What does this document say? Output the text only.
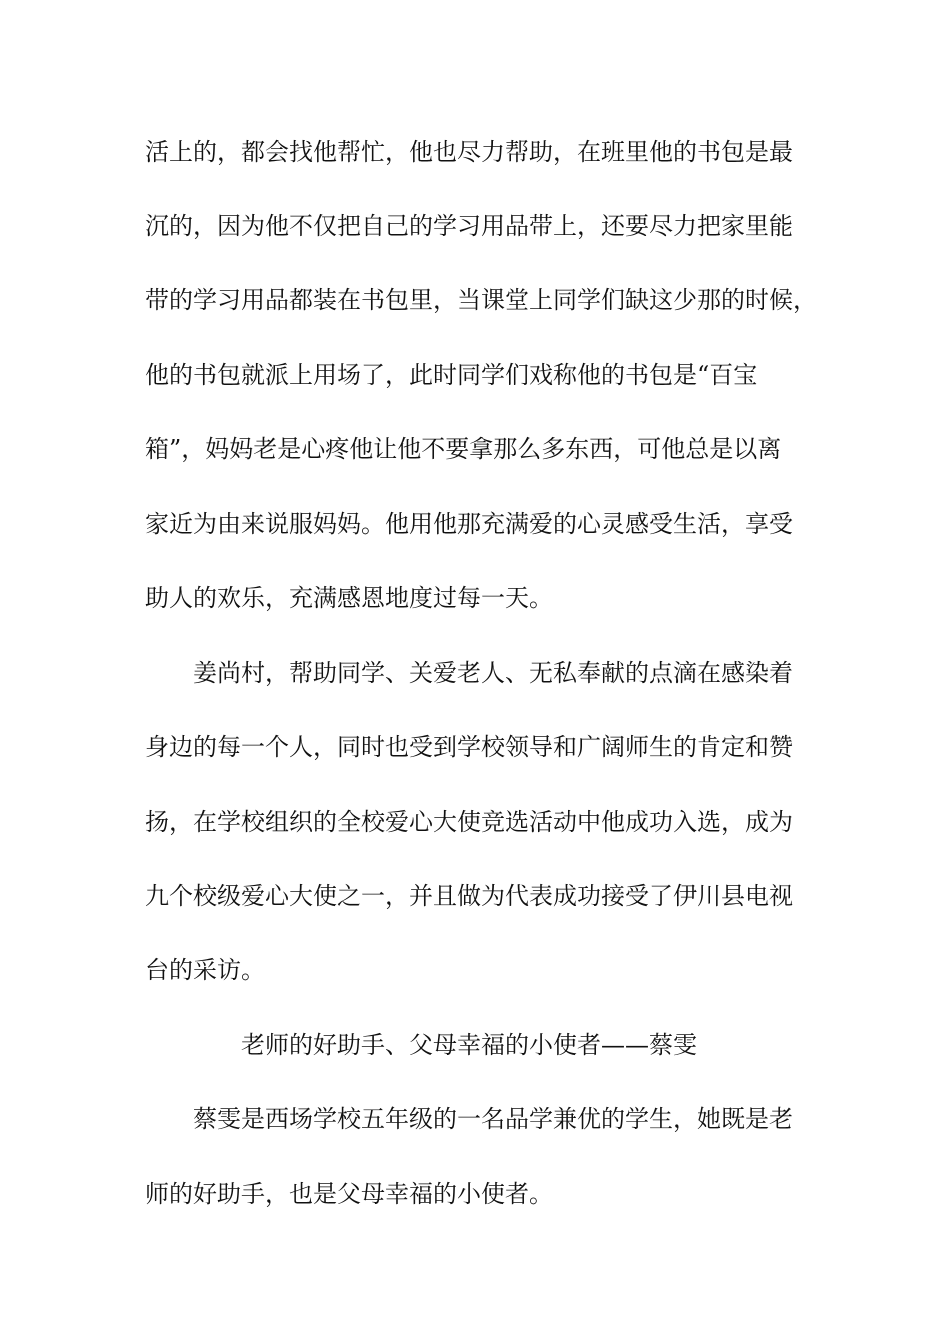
活上的，都会找他帮忙，他也尽力帮助，在班里他的书包是最
沉的，因为他不仅把自己的学习用品带上，还要尽力把家里能
带的学习用品都装在书包里，当课堂上同学们缺这少那的时候，
他的书包就派上用场了，此时同学们戏称他的书包是“百宝
箱”，妈妈老是心疼他让他不要拿那么多东西，可他总是以离
家近为由来说服妈妈。他用他那充满爱的心灵感受生活，享受
助人的欢乐，充满感恩地度过每一天。
姜尚村，帮助同学、关爱老人、无私奉献的点滴在感染着
身边的每一个人，同时也受到学校领导和广阔师生的肯定和赞
扬，在学校组织的全校爱心大使竞选活动中他成功入选，成为
九个校级爱心大使之一，并且做为代表成功接受了伊川县电视
台的采访。
老师的好助手、父母幸福的小使者——蔡雯
蔡雯是西场学校五年级的一名品学兼优的学生，她既是老
师的好助手，也是父母幸福的小使者。
